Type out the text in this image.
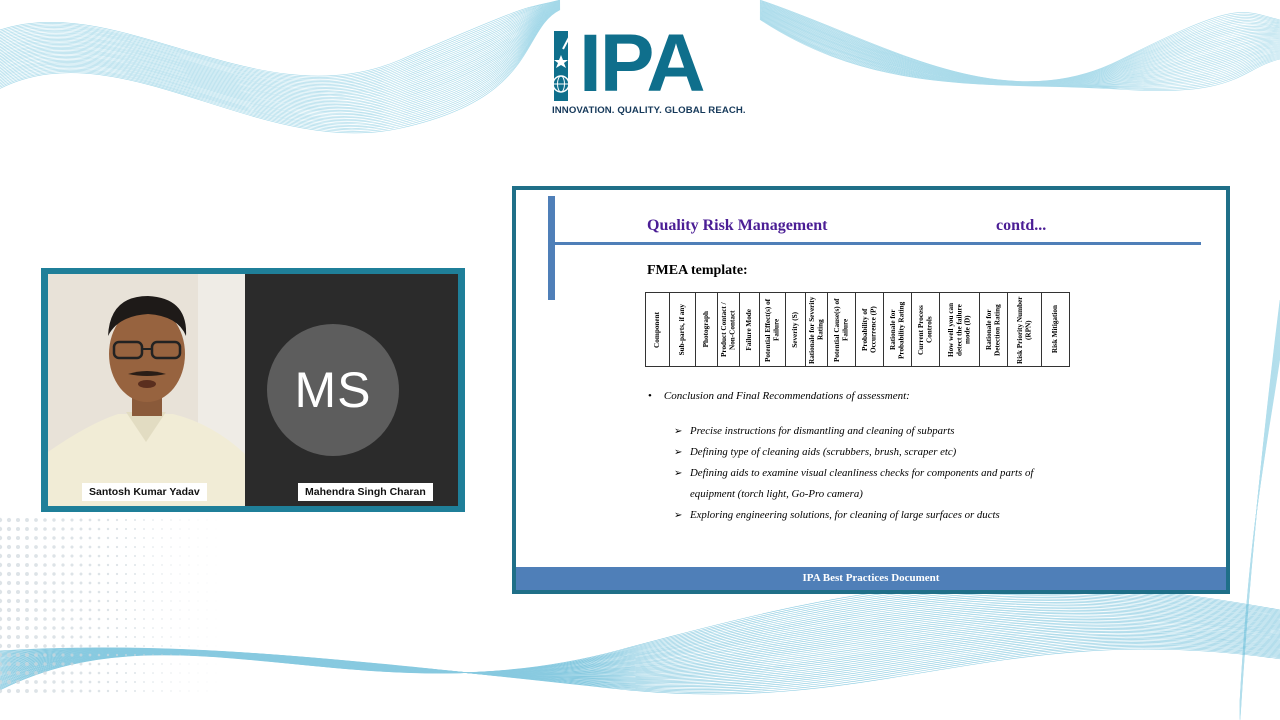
IPA
INNOVATION. QUALITY. GLOBAL REACH.
Santosh Kumar Yadav
MS
Mahendra Singh Charan
Quality Risk Management	contd...
FMEA template:
Component	Sub-parts, if any	Photograph	Product Contact / Non-Contact	Failure Mode	Potential Effect(s) of Failure	Severity (S)	Rationale for Severity Rating	Potential Cause(s) of Failure	Probability of Occurrence (P)	Rationale for Probability Rating	Current Process Controls	How well you can detect the failure mode (D)	Rationale for Detection Rating	Risk Priority Number (RPN)	Risk Mitigation
• Conclusion and Final Recommendations of assessment:
➢ Precise instructions for dismantling and cleaning of subparts
➢ Defining type of cleaning aids (scrubbers, brush, scraper etc)
➢ Defining aids to examine visual cleanliness checks for components and parts of equipment (torch light, Go-Pro camera)
➢ Exploring engineering solutions, for cleaning of large surfaces or ducts
IPA Best Practices Document
